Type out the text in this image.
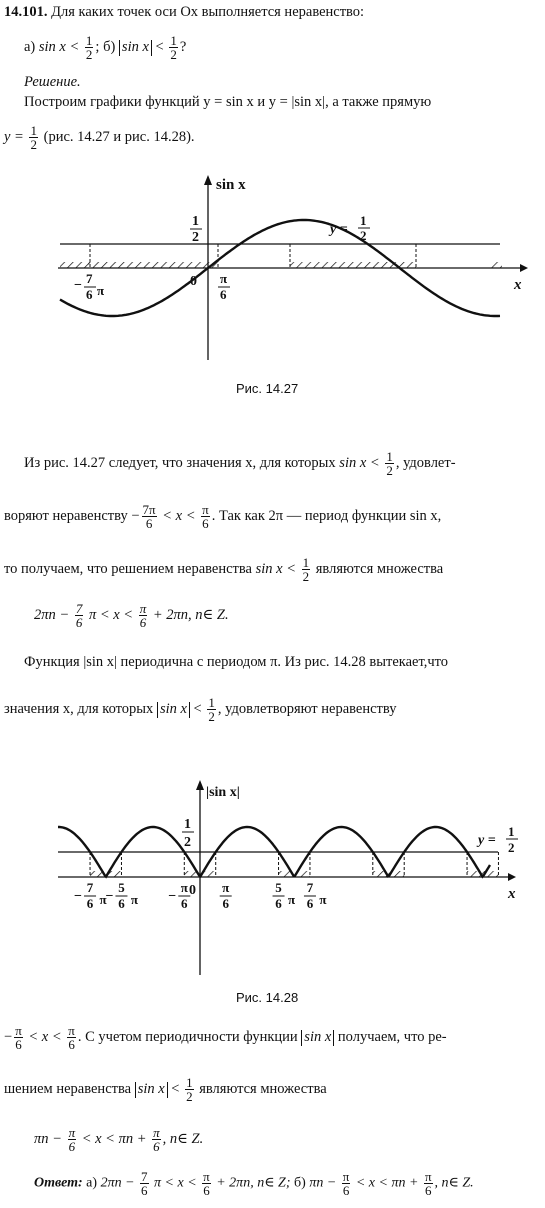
14.101. Для каких точек оси Ox выполняется неравенство:
а) $\sin x < \frac{1}{2}$ ; б) $\sin x < \frac{1}{2}$ ?
Решение.
Построим графики функций y = sin x и y = |sin x|, а также прямую
$y = \frac{1}{2} (рис$. 14.27 и рис. 14.28).
sin x
x
1
2
y =
1
2
0
− 7
6 π
π
6
Рис. 14.27
Из рис. 14.27 следует, что значения x, для которых $\sin x < \frac{1}{2}$ , удовлет-
воряют неравенству − $\frac{7\pi}{6} < x < \frac{\pi}{6}$ . Так как 2π — период функции sin x,
то получаем, что решением неравенства $\sin x < \frac{1}{2}$ являются множества
$2\pi n - \frac{7}{6}$ $\pi < x < \frac{\pi}{6} + 2\pi n$, n∈ Z.
Функция |sin x| периодична с периодом π. Из рис. 14.28 вытекает,что
значения x, для которых $\sin x < \frac{1}{2}$ , удовлетворяют неравенству
|sin x|
x
1
2	y =
1
2
0
−
7
6 π
−
5
6 π −
π
6
π
6
5
6 π
7
6 π
Рис. 14.28
− $\frac{\pi}{6} < x < \frac{\pi}{6}$ . С учетом периодичности функции sin x получаем, что ре-
шением неравенства $\sin x < \frac{1}{2}$ являются множества
$\pi n - \frac{\pi}{6} < x < \pi n + \frac{\pi}{6}$ , n∈ Z.
Ответ: а) $2\pi n - \frac{7}{6}$ $\pi < x < \frac{\pi}{6} + 2\pi n$, n∈ Z; б) $\pi n - \frac{\pi}{6} < x < \pi n + \frac{\pi}{6}$ , n∈ Z.
